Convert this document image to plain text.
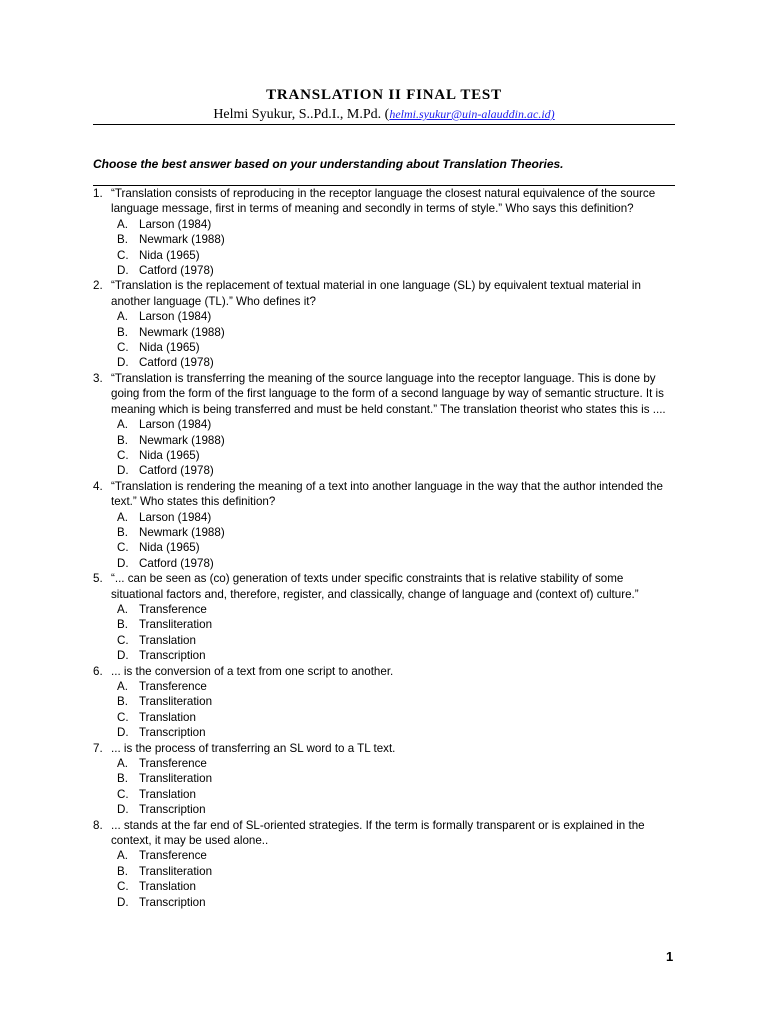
TRANSLATION II FINAL TEST
Helmi Syukur, S..Pd.I., M.Pd. (helmi.syukur@uin-alauddin.ac.id)
Choose the best answer based on your understanding about Translation Theories.
1. “Translation consists of reproducing in the receptor language the closest natural equivalence of the source language message, first in terms of meaning and secondly in terms of style.” Who says this definition?
A. Larson (1984)
B. Newmark (1988)
C. Nida (1965)
D. Catford (1978)
2. “Translation is the replacement of textual material in one language (SL) by equivalent textual material in another language (TL).” Who defines it?
A. Larson (1984)
B. Newmark (1988)
C. Nida (1965)
D. Catford (1978)
3. “Translation is transferring the meaning of the source language into the receptor language. This is done by going from the form of the first language to the form of a second language by way of semantic structure. It is meaning which is being transferred and must be held constant.” The translation theorist who states this is ....
A. Larson (1984)
B. Newmark (1988)
C. Nida (1965)
D. Catford (1978)
4. “Translation is rendering the meaning of a text into another language in the way that the author intended the text.” Who states this definition?
A. Larson (1984)
B. Newmark (1988)
C. Nida (1965)
D. Catford (1978)
5. “... can be seen as (co) generation of texts under specific constraints that is relative stability of some situational factors and, therefore, register, and classically, change of language and (context of) culture.”
A. Transference
B. Transliteration
C. Translation
D. Transcription
6. ... is the conversion of a text from one script to another.
A. Transference
B. Transliteration
C. Translation
D. Transcription
7. ... is the process of transferring an SL word to a TL text.
A. Transference
B. Transliteration
C. Translation
D. Transcription
8. ... stands at the far end of SL-oriented strategies. If the term is formally transparent or is explained in the context, it may be used alone..
A. Transference
B. Transliteration
C. Translation
D. Transcription
1
